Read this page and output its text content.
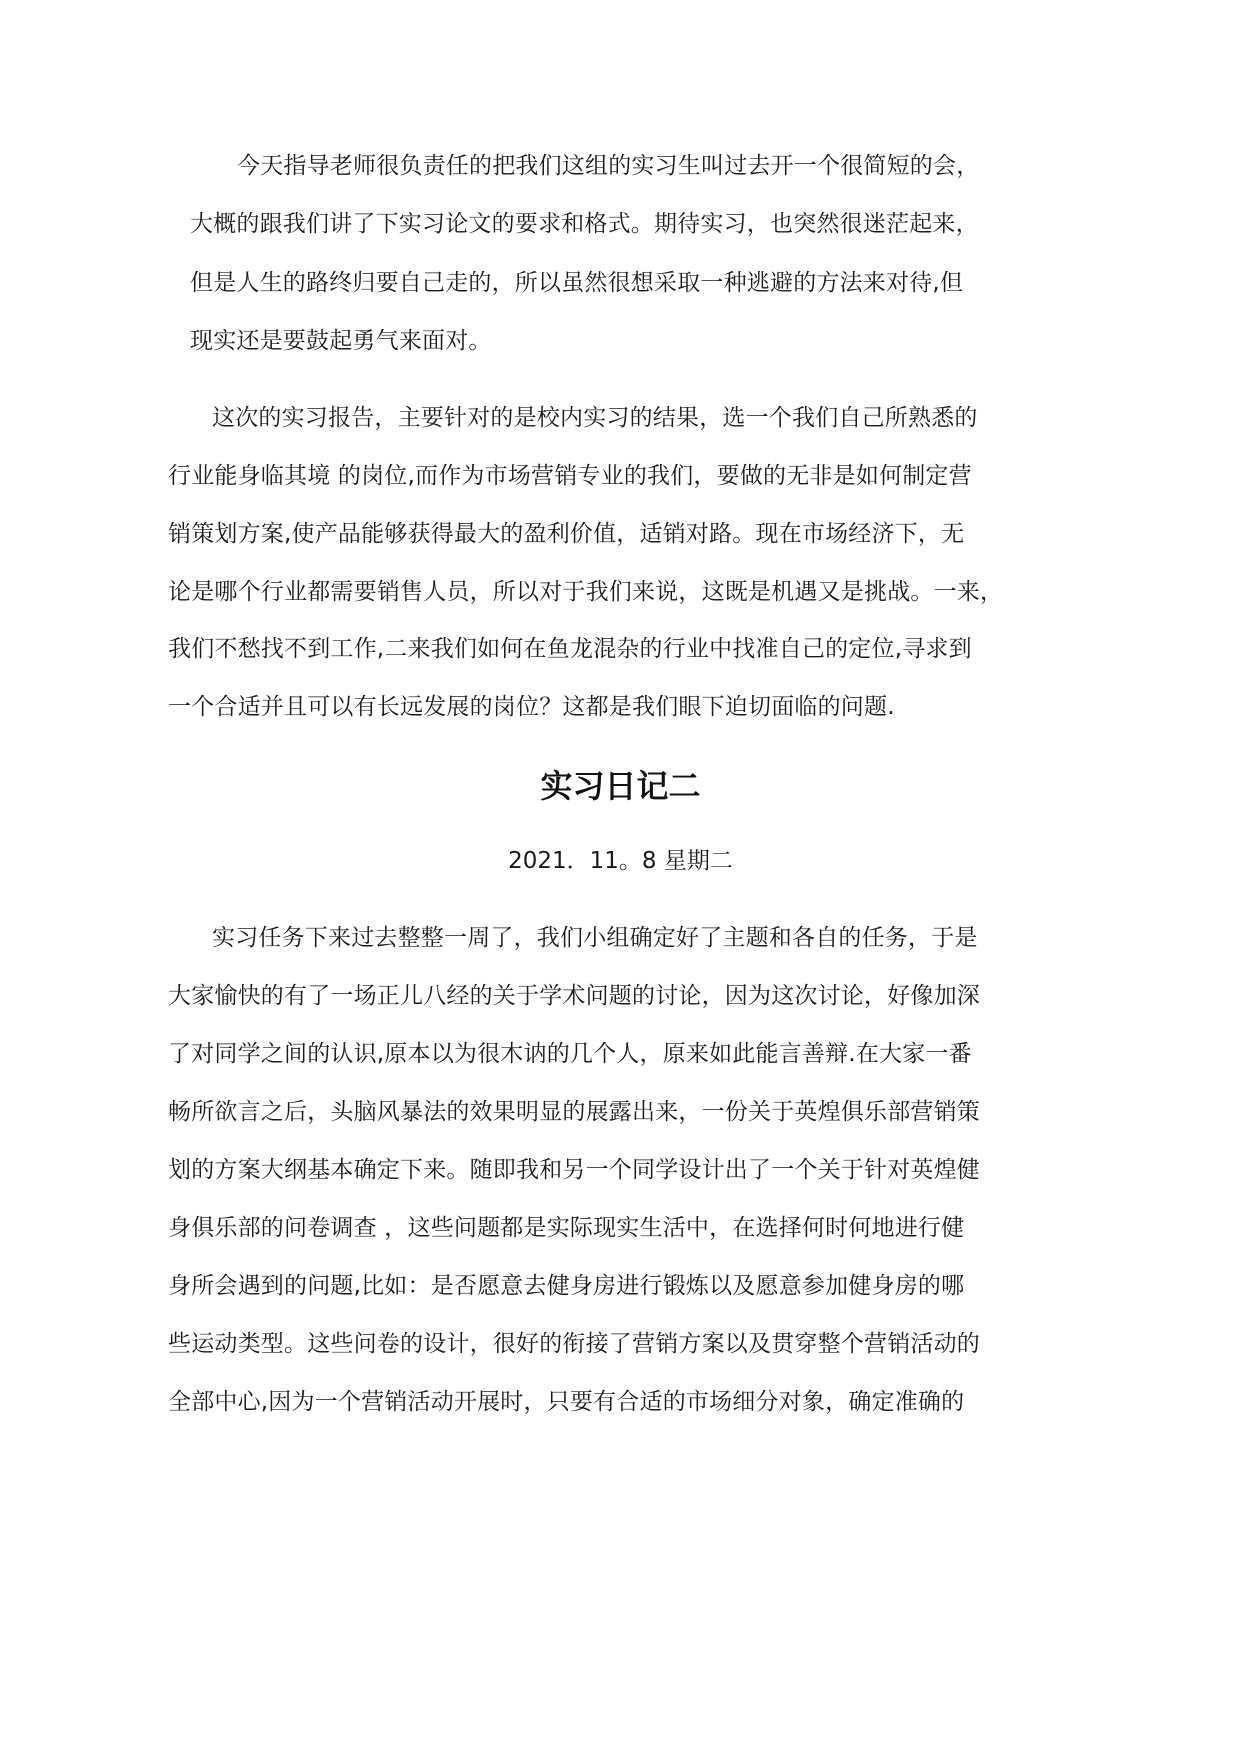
今天指导老师很负责任的把我们这组的实习生叫过去开一个很简短的会，
大概的跟我们讲了下实习论文的要求和格式。期待实习，也突然很迷茫起来，
但是人生的路终归要自己走的，所以虽然很想采取一种逃避的方法来对待,但
现实还是要鼓起勇气来面对。
这次的实习报告，主要针对的是校内实习的结果，选一个我们自己所熟悉的
行业能身临其境 的岗位,而作为市场营销专业的我们，要做的无非是如何制定营
销策划方案,使产品能够获得最大的盈利价值，适销对路。现在市场经济下，无
论是哪个行业都需要销售人员，所以对于我们来说，这既是机遇又是挑战。一来，
我们不愁找不到工作,二来我们如何在鱼龙混杂的行业中找准自己的定位,寻求到
一个合适并且可以有长远发展的岗位？这都是我们眼下迫切面临的问题.
实习日记二
2021．11。8 星期二
实习任务下来过去整整一周了，我们小组确定好了主题和各自的任务，于是
大家愉快的有了一场正儿八经的关于学术问题的讨论，因为这次讨论，好像加深
了对同学之间的认识,原本以为很木讷的几个人，原来如此能言善辩.在大家一番
畅所欲言之后，头脑风暴法的效果明显的展露出来，一份关于英煌俱乐部营销策
划的方案大纲基本确定下来。随即我和另一个同学设计出了一个关于针对英煌健
身俱乐部的问卷调查 ，这些问题都是实际现实生活中，在选择何时何地进行健
身所会遇到的问题,比如：是否愿意去健身房进行锻炼以及愿意参加健身房的哪
些运动类型。这些问卷的设计，很好的衔接了营销方案以及贯穿整个营销活动的
全部中心,因为一个营销活动开展时，只要有合适的市场细分对象，确定准确的
